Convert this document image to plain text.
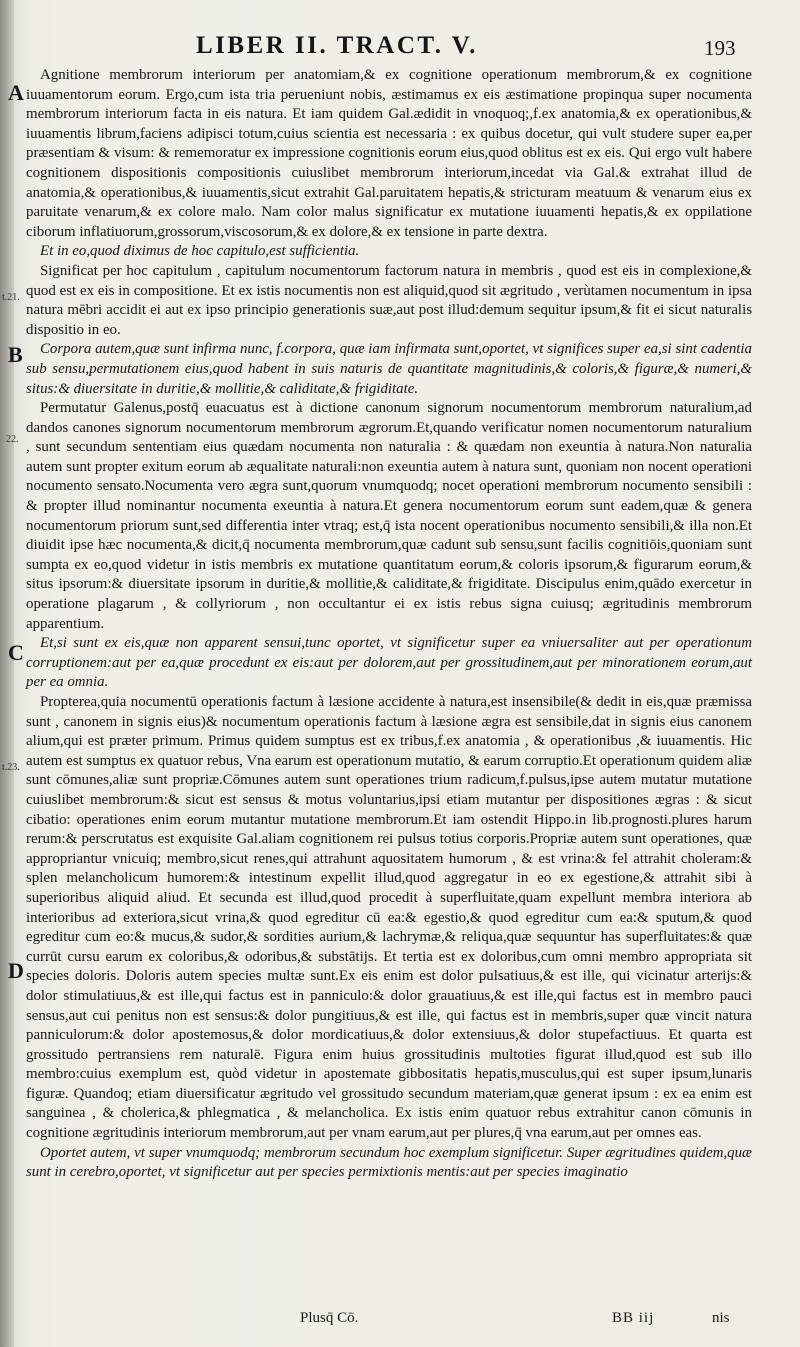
LIBER II. TRACT. V.	193
A
B
C
D
t.21.
22.
t.23.

Agnitione membrorum interiorum per anatomiam,& ex cognitione operationum membrorum,& ex cognitione iuuamentorum eorum. Ergo,cum ista tria perueniunt nobis, æstimamus ex eis æstimatione propinqua super nocumenta membrorum interiorum facta in eis natura. Et iam quidem Gal.ædidit in vnoquoq;,f.ex anatomia,& ex operationibus,& iuuamentis librum,faciens adipisci totum,cuius scientia est necessaria : ex quibus docetur, qui vult studere super ea,per præsentiam & visum: & rememoratur ex impressione cognitionis eorum eius,quod oblitus est ex eis. Qui ergo vult habere cognitionem dispositionis compositionis cuiuslibet membrorum interiorum,incedat via Gal.& extrahat illud de anatomia,& operationibus,& iuuamentis,sicut extrahit Gal.paruitatem hepatis,& stricturam meatuum & venarum eius ex paruitate venarum,& ex colore malo. Nam color malus significatur ex mutatione iuuamenti hepatis,& ex oppilatione ciborum inflatiuorum,grossorum,viscosorum,& ex dolore,& ex tensione in parte dextra.

Et in eo,quod diximus de hoc capitulo,est sufficientia.

Significat per hoc capitulum , capitulum nocumentorum factorum natura in membris , quod est eis in complexione,& quod est ex eis in compositione. Et ex istis nocumentis non est aliquid,quod sit ægritudo , verùtamen nocumentum in ipsa natura mēbri accidit ei aut ex ipso principio generationis suæ,aut post illud:demum sequitur ipsum,& fit ei sicut naturalis dispositio in eo.

Corpora autem,quæ sunt infirma nunc, f.corpora, quæ iam infirmata sunt,oportet, vt significes super ea,si sint cadentia sub sensu,permutationem eius,quod habent in suis naturis de quantitate magnitudinis,& coloris,& figuræ,& numeri,& situs:& diuersitate in duritie,& mollitie,& caliditate,& frigiditate.

Permutatur Galenus,postq̄ euacuatus est à dictione canonum signorum nocumentorum membrorum naturalium,ad dandos canones signorum nocumentorum membrorum ægrorum.Et,quando verificatur nomen nocumentorum naturalium , sunt secundum sententiam eius quædam nocumenta non naturalia : & quædam non exeuntia à natura.Non naturalia autem sunt propter exitum eorum ab æqualitate naturali:non exeuntia autem à natura sunt, quoniam non nocent operationi nocumento sensato.Nocumenta vero ægra sunt,quorum vnumquodq; nocet operationi membrorum nocumento sensibili : & propter illud nominantur nocumenta exeuntia à natura.Et genera nocumentorum eorum sunt eadem,quæ & genera nocumentorum priorum sunt,sed differentia inter vtraq; est,q̄ ista nocent operationibus nocumento sensibili,& illa non.Et diuidit ipse hæc nocumenta,& dicit,q̄ nocumenta membrorum,quæ cadunt sub sensu,sunt facilis cognitiōis,quoniam sunt sumpta ex eo,quod videtur in istis membris ex mutatione quantitatum eorum,& coloris ipsorum,& figurarum eorum,& situs ipsorum:& diuersitate ipsorum in duritie,& mollitie,& caliditate,& frigiditate. Discipulus enim,quādo exercetur in operatione plagarum , & collyriorum , non occultantur ei ex istis rebus signa cuiusq; ægritudinis membrorum apparentium.

Et,si sunt ex eis,quæ non apparent sensui,tunc oportet, vt significetur super ea vniuersaliter aut per operationum corruptionem:aut per ea,quæ procedunt ex eis:aut per dolorem,aut per grossitudinem,aut per minorationem eorum,aut per ea omnia.

Propterea,quia nocumentū operationis factum à læsione accidente à natura,est insensibile(& dedit in eis,quæ præmissa sunt , canonem in signis eius)& nocumentum operationis factum à læsione ægra est sensibile,dat in signis eius canonem alium,qui est præter primum. Primus quidem sumptus est ex tribus,f.ex anatomia , & operationibus ,& iuuamentis. Hic autem est sumptus ex quatuor rebus, Vna earum est operationum mutatio, & earum corruptio.Et operationum quidem aliæ sunt cōmunes,aliæ sunt propriæ.Cōmunes autem sunt operationes trium radicum,f.pulsus,ipse autem mutatur mutatione cuiuslibet membrorum:& sicut est sensus & motus voluntarius,ipsi etiam mutantur per dispositiones ægras : & sicut cibatio: operationes enim eorum mutantur mutatione membrorum.Et iam ostendit Hippo.in lib.prognosti.plures harum rerum:& perscrutatus est exquisite Gal.aliam cognitionem rei pulsus totius corporis.Propriæ autem sunt operationes, quæ appropriantur vnicuiq; membro,sicut renes,qui attrahunt aquositatem humorum , & est vrina:& fel attrahit choleram:& splen melancholicum humorem:& intestinum expellit illud,quod aggregatur in eo ex egestione,& attrahit sibi à superioribus aliquid aliud. Et secunda est illud,quod procedit à superfluitate,quam expellunt membra interiora ab interioribus ad exteriora,sicut vrina,& quod egreditur cū ea:& egestio,& quod egreditur cum ea:& sputum,& quod egreditur cum eo:& mucus,& sudor,& sordities aurium,& lachrymæ,& reliqua,quæ sequuntur has superfluitates:& quæ currūt cursu earum ex coloribus,& odoribus,& substātijs. Et tertia est ex doloribus,cum omni membro appropriata sit species doloris. Doloris autem species multæ sunt.Ex eis enim est dolor pulsatiuus,& est ille, qui vicinatur arterijs:& dolor stimulatiuus,& est ille,qui factus est in panniculo:& dolor grauatiuus,& est ille,qui factus est in membro pauci sensus,aut cui penitus non est sensus:& dolor pungitiuus,& est ille, qui factus est in membris,super quæ vincit natura panniculorum:& dolor apostemosus,& dolor mordicatiuus,& dolor extensiuus,& dolor stupefactiuus. Et quarta est grossitudo pertransiens rem naturalē. Figura enim huius grossitudinis multoties figurat illud,quod est sub illo membro:cuius exemplum est, quòd videtur in apostemate gibbositatis hepatis,musculus,qui est super ipsum,lunaris figuræ. Quandoq; etiam diuersificatur ægritudo vel grossitudo secundum materiam,quæ generat ipsum : ex ea enim est sanguinea , & cholerica,& phlegmatica , & melancholica. Ex istis enim quatuor rebus extrahitur canon cōmunis in cognitione ægritudinis interiorum membrorum,aut per vnam earum,aut per plures,q̄ vna earum,aut per omnes eas.

Oportet autem, vt super vnumquodq; membrorum secundum hoc exemplum significetur. Super ægritudines quidem,quæ sunt in cerebro,oportet, vt significetur aut per species permixtionis mentis:aut per species imaginatio

Plusq̄ Cō.	BB iij	nis
